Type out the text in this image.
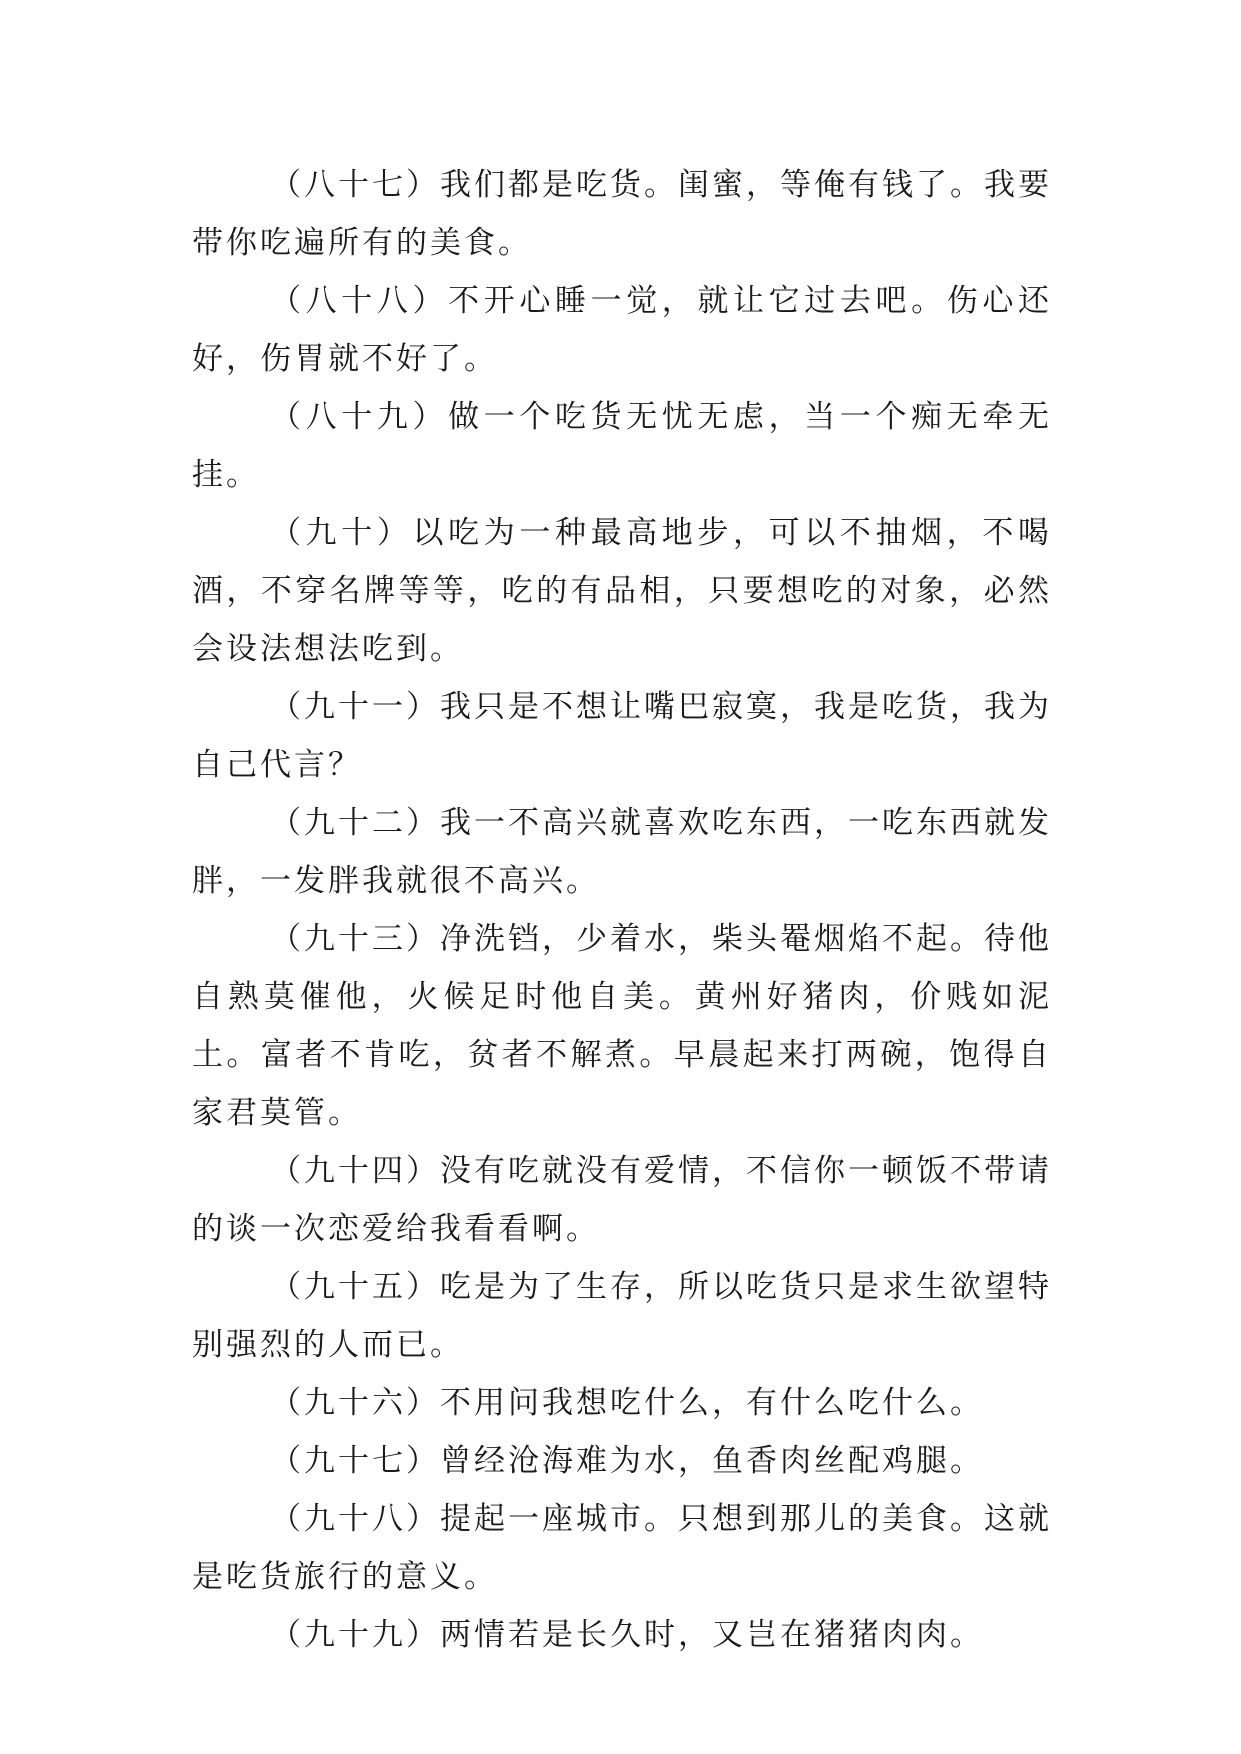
（八十七）我们都是吃货。闺蜜，等俺有钱了。我要带你吃遍所有的美食。

（八十八）不开心睡一觉，就让它过去吧。伤心还好，伤胃就不好了。

（八十九）做一个吃货无忧无虑，当一个痴无牵无挂。

（九十）以吃为一种最高地步，可以不抽烟，不喝酒，不穿名牌等等，吃的有品相，只要想吃的对象，必然会设法想法吃到。

（九十一）我只是不想让嘴巴寂寞，我是吃货，我为自己代言？

（九十二）我一不高兴就喜欢吃东西，一吃东西就发胖，一发胖我就很不高兴。

（九十三）净洗铛，少着水，柴头罨烟焰不起。待他自熟莫催他，火候足时他自美。黄州好猪肉，价贱如泥土。富者不肯吃，贫者不解煮。早晨起来打两碗，饱得自家君莫管。

（九十四）没有吃就没有爱情，不信你一顿饭不带请的谈一次恋爱给我看看啊。

（九十五）吃是为了生存，所以吃货只是求生欲望特别强烈的人而已。

（九十六）不用问我想吃什么，有什么吃什么。

（九十七）曾经沧海难为水，鱼香肉丝配鸡腿。

（九十八）提起一座城市。只想到那儿的美食。这就是吃货旅行的意义。

（九十九）两情若是长久时，又岂在猪猪肉肉。
